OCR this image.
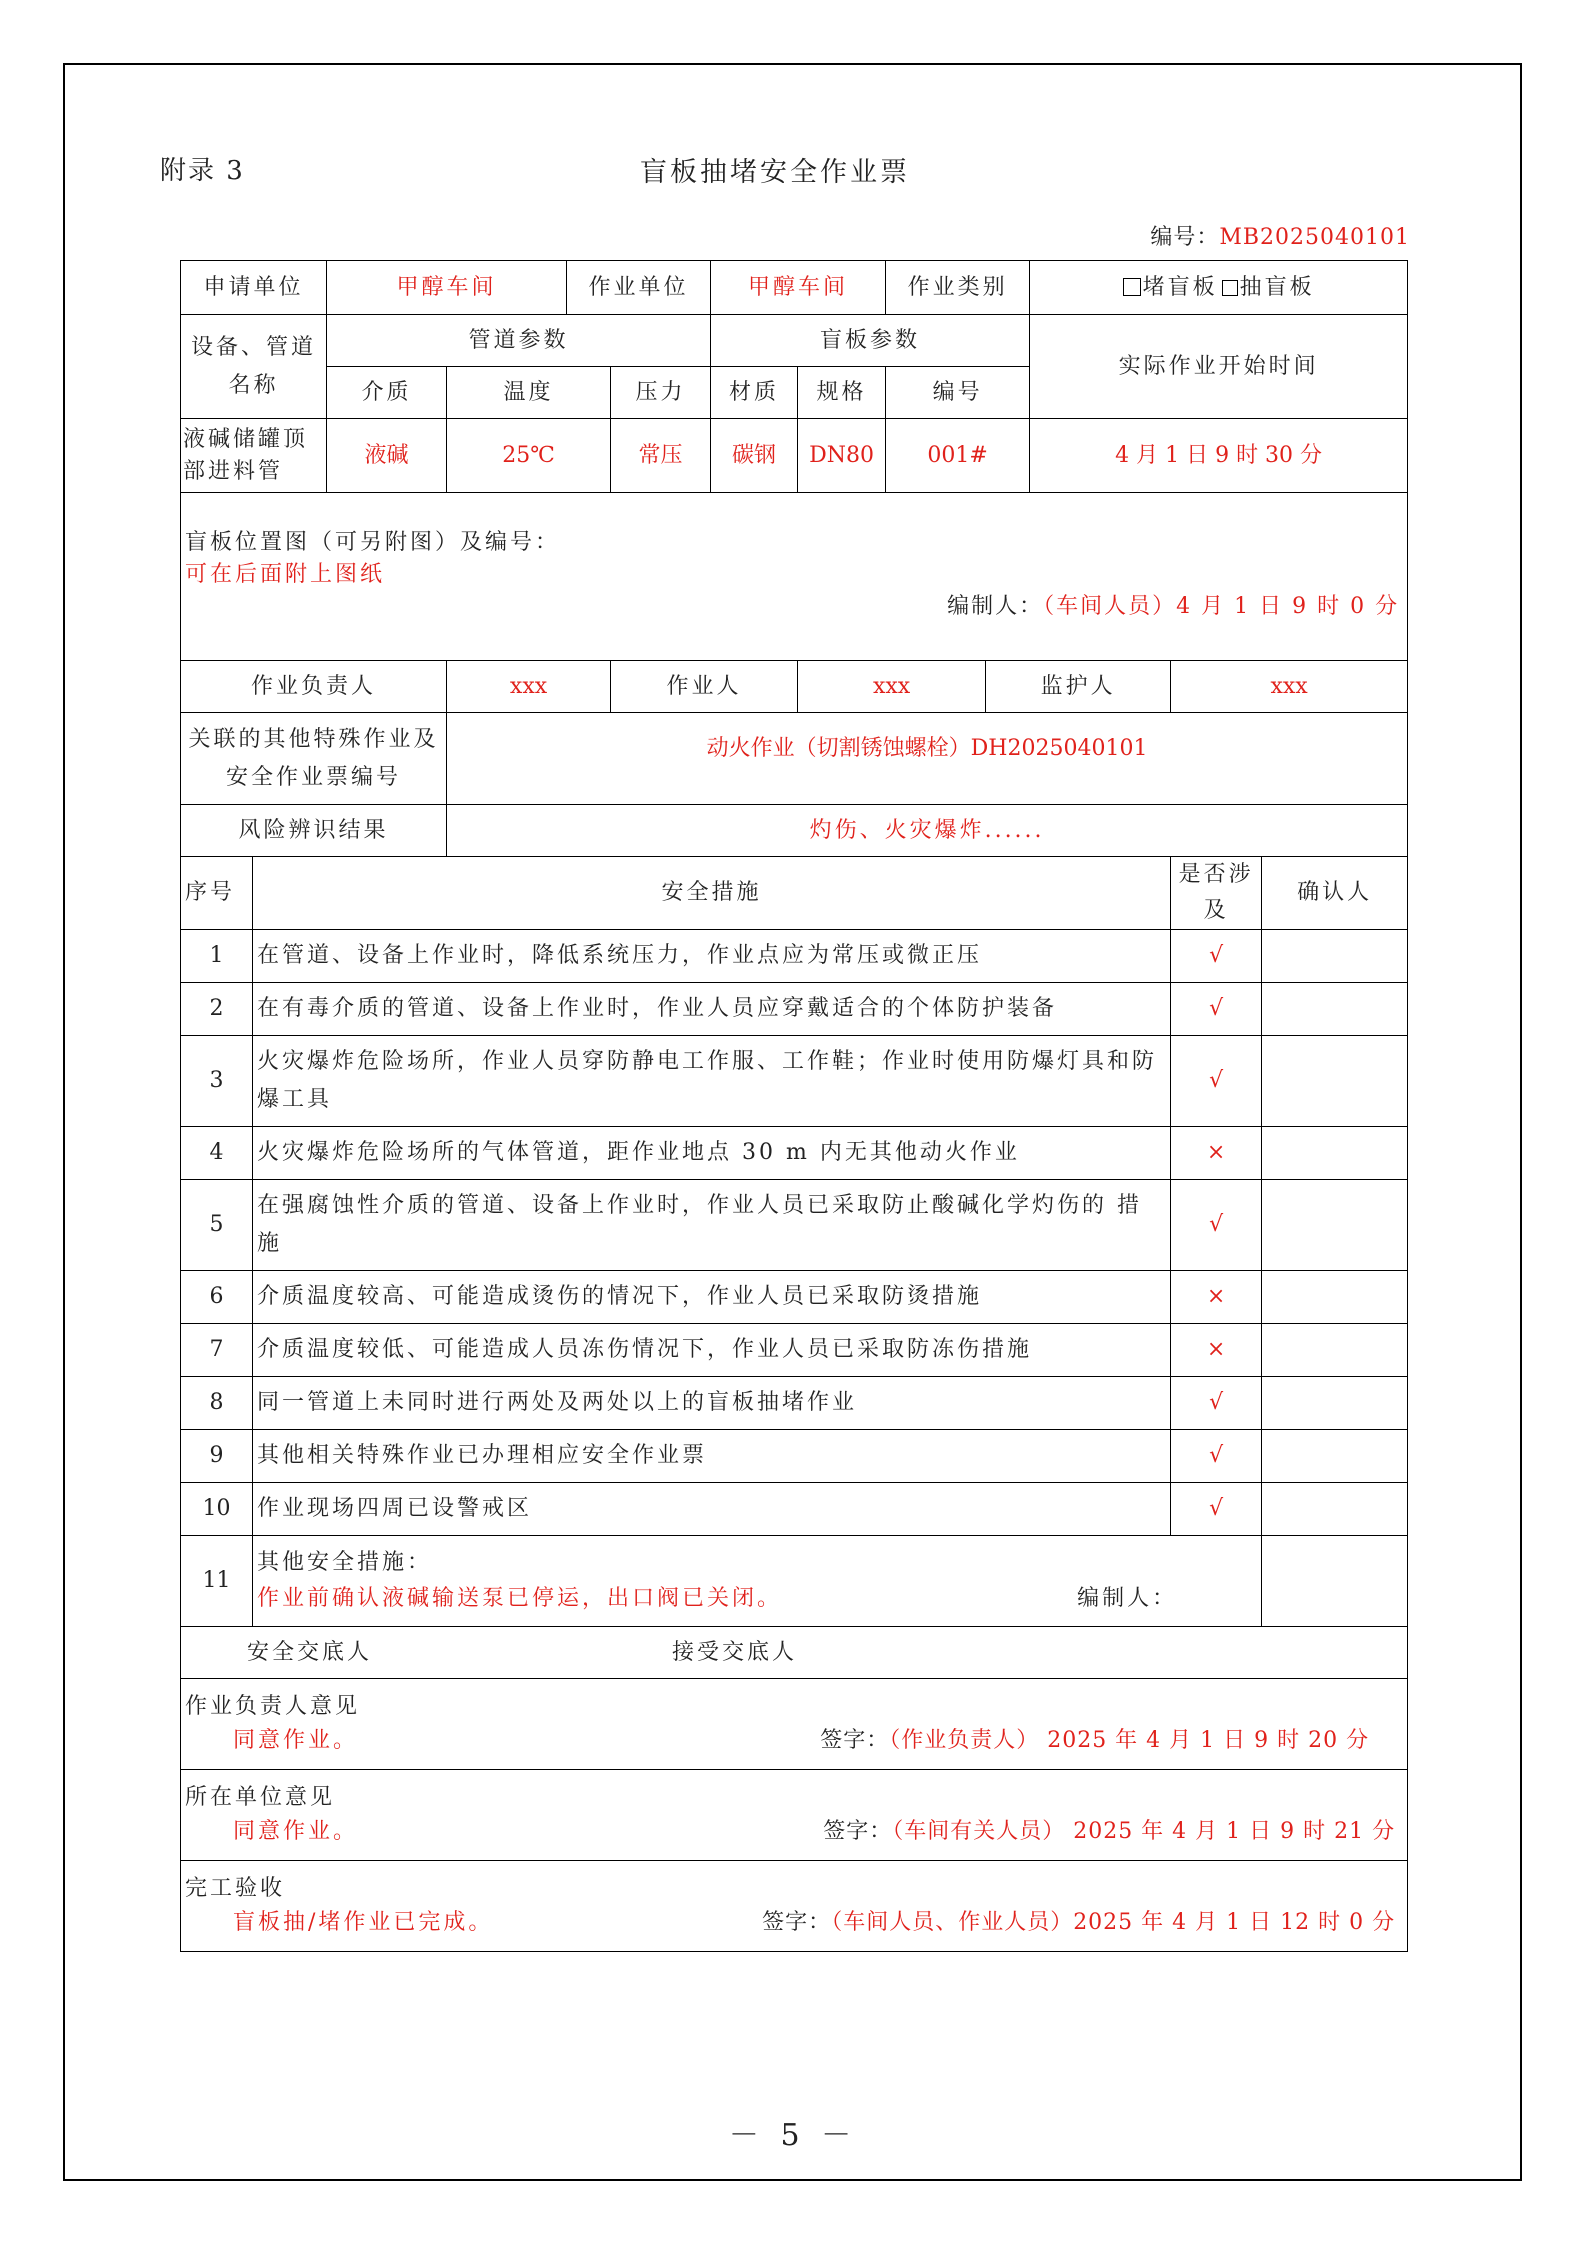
附录 3	盲板抽堵安全作业票
编号：MB2025040101
申请单位		甲醇车间		作业单位		甲醇车间		作业类别		堵盲板 抽盲板		
设备、管道名称		管道参数				盲板参数				实际作业开始时间		
		介质	温度		压力	材质	规格	编号				
液碱储罐顶部进料管		液碱	25℃		常压	碳钢	DN80	001#		4 月 1 日 9 时 30 分		

盲板位置图（可另附图）及编号：
可在后面附上图纸
编制人：（车间人员）4 月 1 日 9 时 0 分												

作业负责人			xxx		作业人		xxx		监护人		xxx	
关联的其他特殊作业及安全作业票编号			动火作业（切割锈蚀螺栓）DH2025040101									
风险辨识结果			灼伤、火灾爆炸......									
序号	安全措施										是否涉及	确认人
1	在管道、设备上作业时，降低系统压力，作业点应为常压或微正压										√	
2	在有毒介质的管道、设备上作业时，作业人员应穿戴适合的个体防护装备										√	
3	火灾爆炸危险场所，作业人员穿防静电工作服、工作鞋；作业时使用防爆灯具和防爆工具										√	
4	火灾爆炸危险场所的气体管道，距作业地点 30 m 内无其他动火作业										×	
5	在强腐蚀性介质的管道、设备上作业时，作业人员已采取防止酸碱化学灼伤的 措施										√	
6	介质温度较高、可能造成烫伤的情况下，作业人员已采取防烫措施										×	
7	介质温度较低、可能造成人员冻伤情况下，作业人员已采取防冻伤措施										×	
8	同一管道上未同时进行两处及两处以上的盲板抽堵作业										√	
9	其他相关特殊作业已办理相应安全作业票										√	
10	作业现场四周已设警戒区										√	
11	其他安全措施：
作业前确认液碱输送泵已停运，出口阀已关闭。 编制人：											

安全交底人 接受交底人												

作业负责人意见
同意作业。 签字：（作业负责人） 2025 年 4 月 1 日 9 时 20 分												

所在单位意见
同意作业。 签字：（车间有关人员） 2025 年 4 月 1 日 9 时 21 分												

完工验收
盲板抽/堵作业已完成。 签字：（车间人员、作业人员）2025 年 4 月 1 日 12 时 0 分												
－ 5 －
